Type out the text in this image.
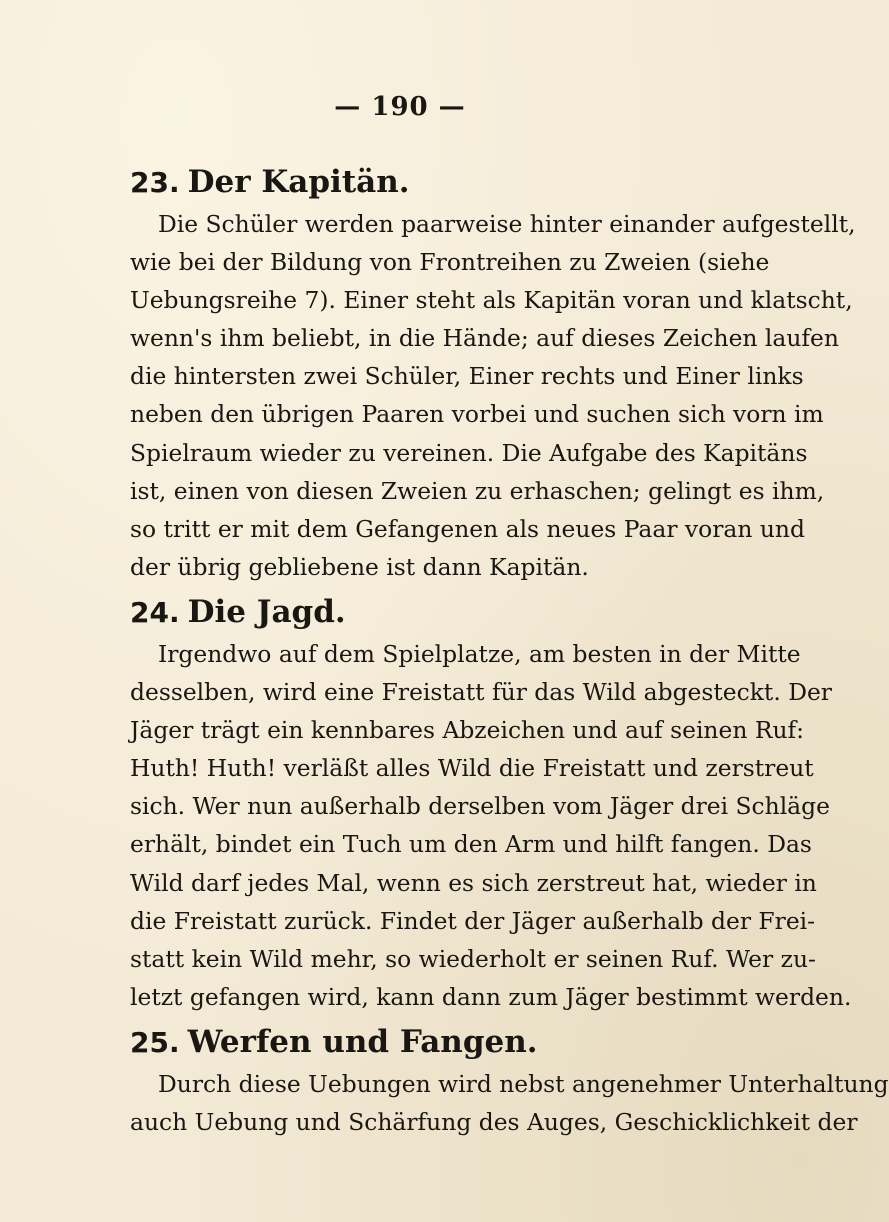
— 190 —
23. Der Kapitän.

Die Schüler werden paarweise hinter einander aufgestellt,
wie bei der Bildung von Frontreihen zu Zweien (siehe
Uebungsreihe 7). Einer steht als Kapitän voran und klatscht,
wenn's ihm beliebt, in die Hände; auf dieses Zeichen laufen
die hintersten zwei Schüler, Einer rechts und Einer links
neben den übrigen Paaren vorbei und suchen sich vorn im
Spielraum wieder zu vereinen. Die Aufgabe des Kapitäns
ist, einen von diesen Zweien zu erhaschen; gelingt es ihm,
so tritt er mit dem Gefangenen als neues Paar voran und
der übrig gebliebene ist dann Kapitän.

24. Die Jagd.

Irgendwo auf dem Spielplatze, am besten in der Mitte
desselben, wird eine Freistatt für das Wild abgesteckt. Der
Jäger trägt ein kennbares Abzeichen und auf seinen Ruf:
Huth! Huth! verläßt alles Wild die Freistatt und zerstreut
sich. Wer nun außerhalb derselben vom Jäger drei Schläge
erhält, bindet ein Tuch um den Arm und hilft fangen. Das
Wild darf jedes Mal, wenn es sich zerstreut hat, wieder in
die Freistatt zurück. Findet der Jäger außerhalb der Frei-
statt kein Wild mehr, so wiederholt er seinen Ruf. Wer zu-
letzt gefangen wird, kann dann zum Jäger bestimmt werden.

25. Werfen und Fangen.

Durch diese Uebungen wird nebst angenehmer Unterhaltung
auch Uebung und Schärfung des Auges, Geschicklichkeit der
